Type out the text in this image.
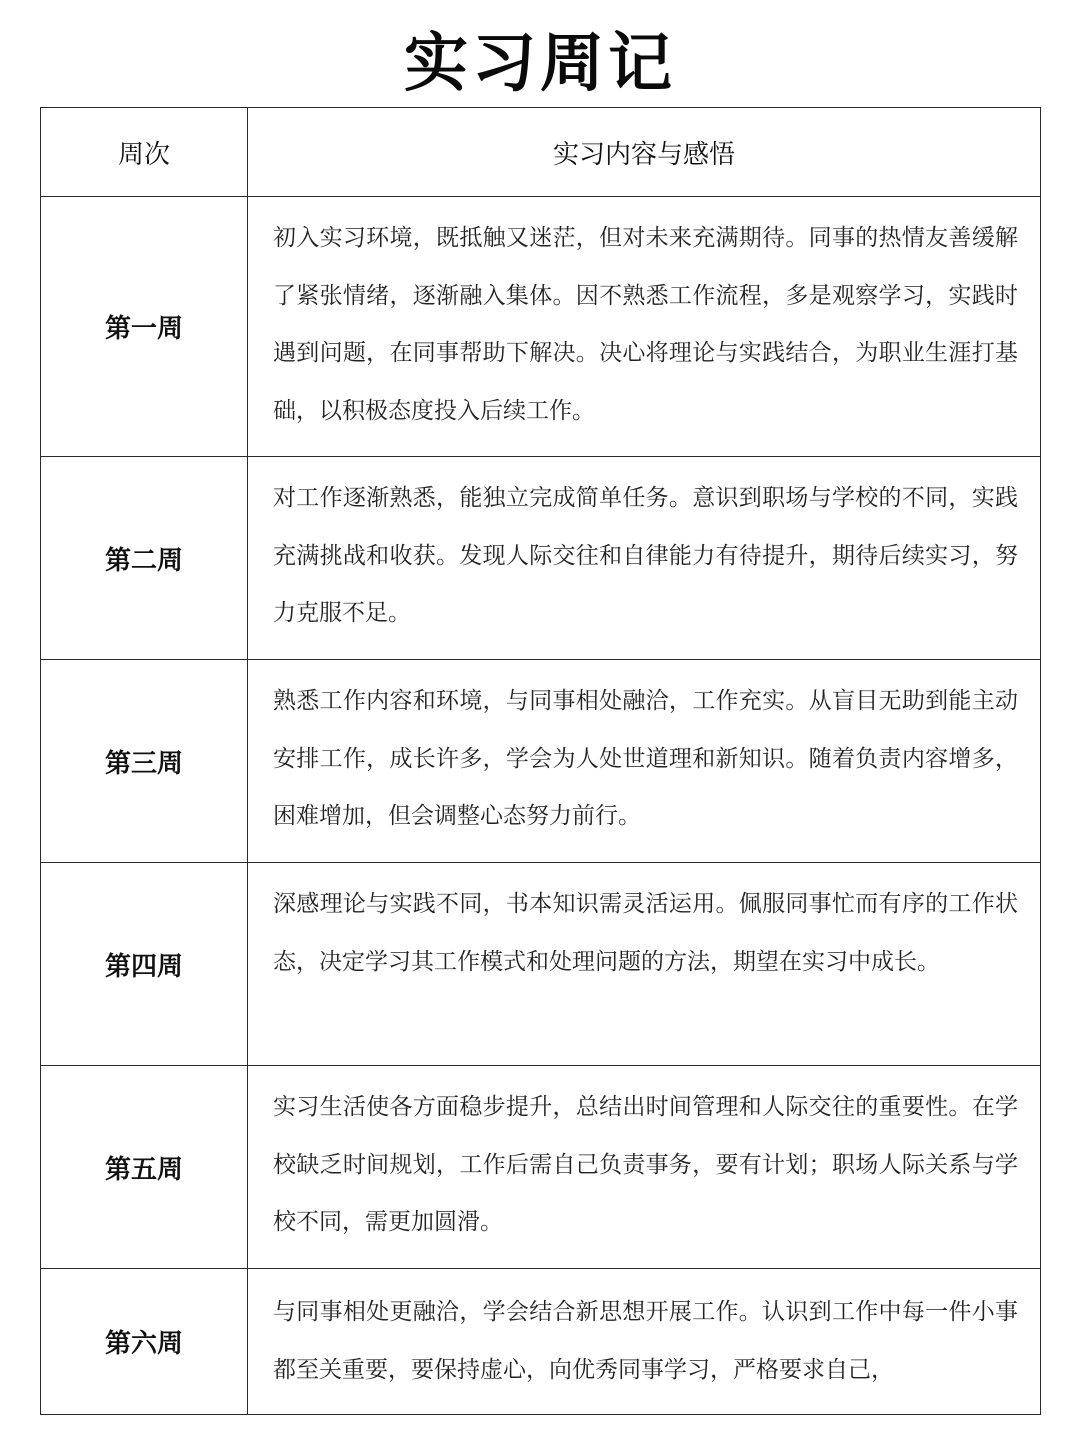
实习周记
周次	实习内容与感悟
第一周	初入实习环境，既抵触又迷茫，但对未来充满期待。同事的热情友善缓解了紧张情绪，逐渐融入集体。因不熟悉工作流程，多是观察学习，实践时遇到问题，在同事帮助下解决。决心将理论与实践结合，为职业生涯打基础，以积极态度投入后续工作。

第二周	对工作逐渐熟悉，能独立完成简单任务。意识到职场与学校的不同，实践充满挑战和收获。发现人际交往和自律能力有待提升，期待后续实习，努力克服不足。

第三周	熟悉工作内容和环境，与同事相处融洽，工作充实。从盲目无助到能主动安排工作，成长许多，学会为人处世道理和新知识。随着负责内容增多，困难增加，但会调整心态努力前行。

第四周	深感理论与实践不同，书本知识需灵活运用。佩服同事忙而有序的工作状态，决定学习其工作模式和处理问题的方法，期望在实习中成长。

第五周	实习生活使各方面稳步提升，总结出时间管理和人际交往的重要性。在学校缺乏时间规划，工作后需自己负责事务，要有计划；职场人际关系与学校不同，需更加圆滑。

第六周	与同事相处更融洽，学会结合新思想开展工作。认识到工作中每一件小事都至关重要，要保持虚心，向优秀同事学习，严格要求自己，
